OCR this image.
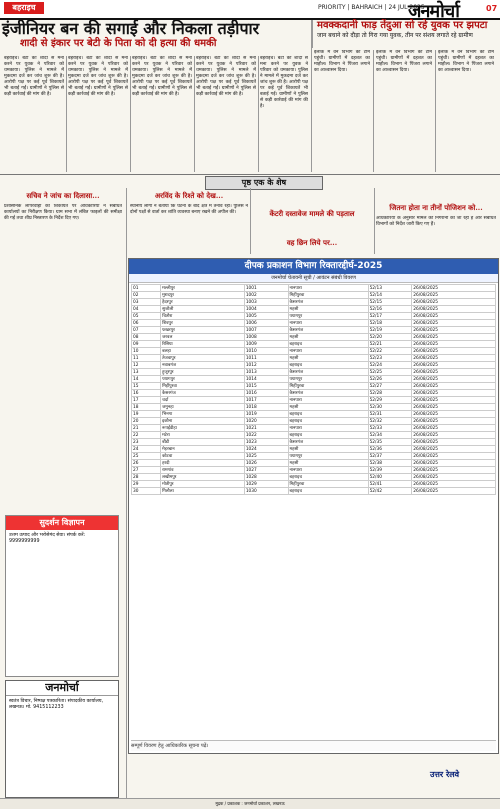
बहराइच	PRIORITY | BAHRAICH | 24 JUL 2025
जनमोर्चा	07
इंजीनियर बन की सगाई और निकला तड़ीपार
शादी से इंकार पर बेटी के पिता को दी हत्या की धमकी
मवक्कदानी फाड़ तेंदुआ सो रहे युवक पर झपटा

जान बचाने को दौड़ा तो गिरा गया युवक, तीन पर संशय लगाते रहे ग्रामीण

बहराइच। बेटी की शादी से मना करने पर युवक ने परिवार को धमकाया। पुलिस ने मामले में मुकदमा दर्ज कर जांच शुरू की है। आरोपी पक्ष पर कई पूर्व शिकायतें भी बताई गईं। ग्रामीणों ने पुलिस से कड़ी कार्रवाई की मांग की है।
बहराइच। बेटी की शादी से मना करने पर युवक ने परिवार को धमकाया। पुलिस ने मामले में मुकदमा दर्ज कर जांच शुरू की है। आरोपी पक्ष पर कई पूर्व शिकायतें भी बताई गईं। ग्रामीणों ने पुलिस से कड़ी कार्रवाई की मांग की है।
बहराइच। बेटी की शादी से मना करने पर युवक ने परिवार को धमकाया। पुलिस ने मामले में मुकदमा दर्ज कर जांच शुरू की है। आरोपी पक्ष पर कई पूर्व शिकायतें भी बताई गईं। ग्रामीणों ने पुलिस से कड़ी कार्रवाई की मांग की है।
बहराइच। बेटी की शादी से मना करने पर युवक ने परिवार को धमकाया। पुलिस ने मामले में मुकदमा दर्ज कर जांच शुरू की है। आरोपी पक्ष पर कई पूर्व शिकायतें भी बताई गईं। ग्रामीणों ने पुलिस से कड़ी कार्रवाई की मांग की है।
बहराइच। बेटी की शादी से मना करने पर युवक ने परिवार को धमकाया। पुलिस ने मामले में मुकदमा दर्ज कर जांच शुरू की है। आरोपी पक्ष पर कई पूर्व शिकायतें भी बताई गईं। ग्रामीणों ने पुलिस से कड़ी कार्रवाई की मांग की है।
इलाके में वन विभाग की टीम पहुंची। ग्रामीणों में दहशत का माहौल। विभाग ने पिंजरा लगाने का आश्वासन दिया।
इलाके में वन विभाग की टीम पहुंची। ग्रामीणों में दहशत का माहौल। विभाग ने पिंजरा लगाने का आश्वासन दिया।
इलाके में वन विभाग की टीम पहुंची। ग्रामीणों में दहशत का माहौल। विभाग ने पिंजरा लगाने का आश्वासन दिया।
पृष्ठ एक के शेष
सचिव ने जांच का दिलासा...	अरविंद के रिश्ते को देख...
केंटरी दस्तावेज मामले की पड़ताल
वह छिन लिये पर...
जितना होता ना तीनों पोजिशन को...
प्रशासनिक लापरवाही की शिकायत पर अधिकारियों ने संबंधित कार्यालयों का निरीक्षण किया। ग्राम सभा में लंबित फाइलों की समीक्षा की गई तथा शीघ्र निस्तारण के निर्देश दिए गए।
स्थानीय लोगों ने बताया कि घटना के बाद क्षेत्र में तनाव रहा। पुलिस ने दोनों पक्षों से वार्ता कर शांति व्यवस्था बनाए रखने की अपील की।
अधिकारियों के अनुसार मामले की निगरानी की जा रही है और संबंधित विभागों को निर्देश जारी किए गए हैं।
दीपक प्रकाशन विभाग रिक्तारद्दीर्घ-2025
जनमोर्चा चेतावनी सूची / आवंटन संबंधी विवरण
01	मल्लीपुर	1001	नानपारा	52/13	26/08/2025
02	मुरादपुर	1002	मिहींपुरवा	52/14	26/08/2025
03	हैदरपुर	1003	कैसरगंज	52/15	26/08/2025
04	सुजौली	1004	महसी	52/16	26/08/2025
05	चितौरा	1005	पयागपुर	52/17	26/08/2025
06	शिवपुर	1006	नानपारा	52/18	26/08/2025
07	फखरपुर	1007	कैसरगंज	52/19	26/08/2025
08	जरवल	1008	महसी	52/20	26/08/2025
09	रिसिया	1009	बहराइच	52/21	26/08/2025
10	बलहा	1010	नानपारा	52/22	26/08/2025
11	तेजवापुर	1011	महसी	52/23	26/08/2025
12	नवाबगंज	1012	बहराइच	52/24	26/08/2025
13	हुजूरपुर	1013	कैसरगंज	52/25	26/08/2025
14	पयागपुर	1014	पयागपुर	52/26	26/08/2025
15	मिहींपुरवा	1015	मिहींपुरवा	52/27	26/08/2025
16	कैसरगंज	1016	कैसरगंज	52/28	26/08/2025
17	चर्दा	1017	नानपारा	52/29	26/08/2025
18	जमुनहा	1018	महसी	52/30	26/08/2025
19	भिनगा	1019	बहराइच	52/31	26/08/2025
20	इकौना	1020	बहराइच	52/32	26/08/2025
21	रूपईडीहा	1021	नानपारा	52/33	26/08/2025
22	मटेरा	1022	बहराइच	52/34	26/08/2025
23	बौंडी	1023	कैसरगंज	52/35	26/08/2025
24	मेहरबान	1024	महसी	52/36	26/08/2025
25	कोटवा	1025	पयागपुर	52/37	26/08/2025
26	हरदी	1026	महसी	52/38	26/08/2025
27	रामगांव	1027	नानपारा	52/39	26/08/2025
28	लखीमपुर	1028	बहराइच	52/40	26/08/2025
29	मोतीपुर	1029	मिहींपुरवा	52/41	26/08/2025
30	गिलौला	1030	बहराइच	52/42	26/08/2025
सम्पूर्ण विवरण हेतु आधिकारिक सूचना पढ़ें।
सुदर्शन विज्ञापन
उत्तम उत्पाद और भरोसेमंद सेवा। संपर्क करें: 9999999999
जनमोर्चा
स्वतंत्र विचार, निष्पक्ष पत्रकारिता। संपादकीय कार्यालय, लखनऊ। मो. 9415112233
उत्तर रेलवे
मुद्रक / प्रकाशक : जनमोर्चा प्रकाशन, लखनऊ
